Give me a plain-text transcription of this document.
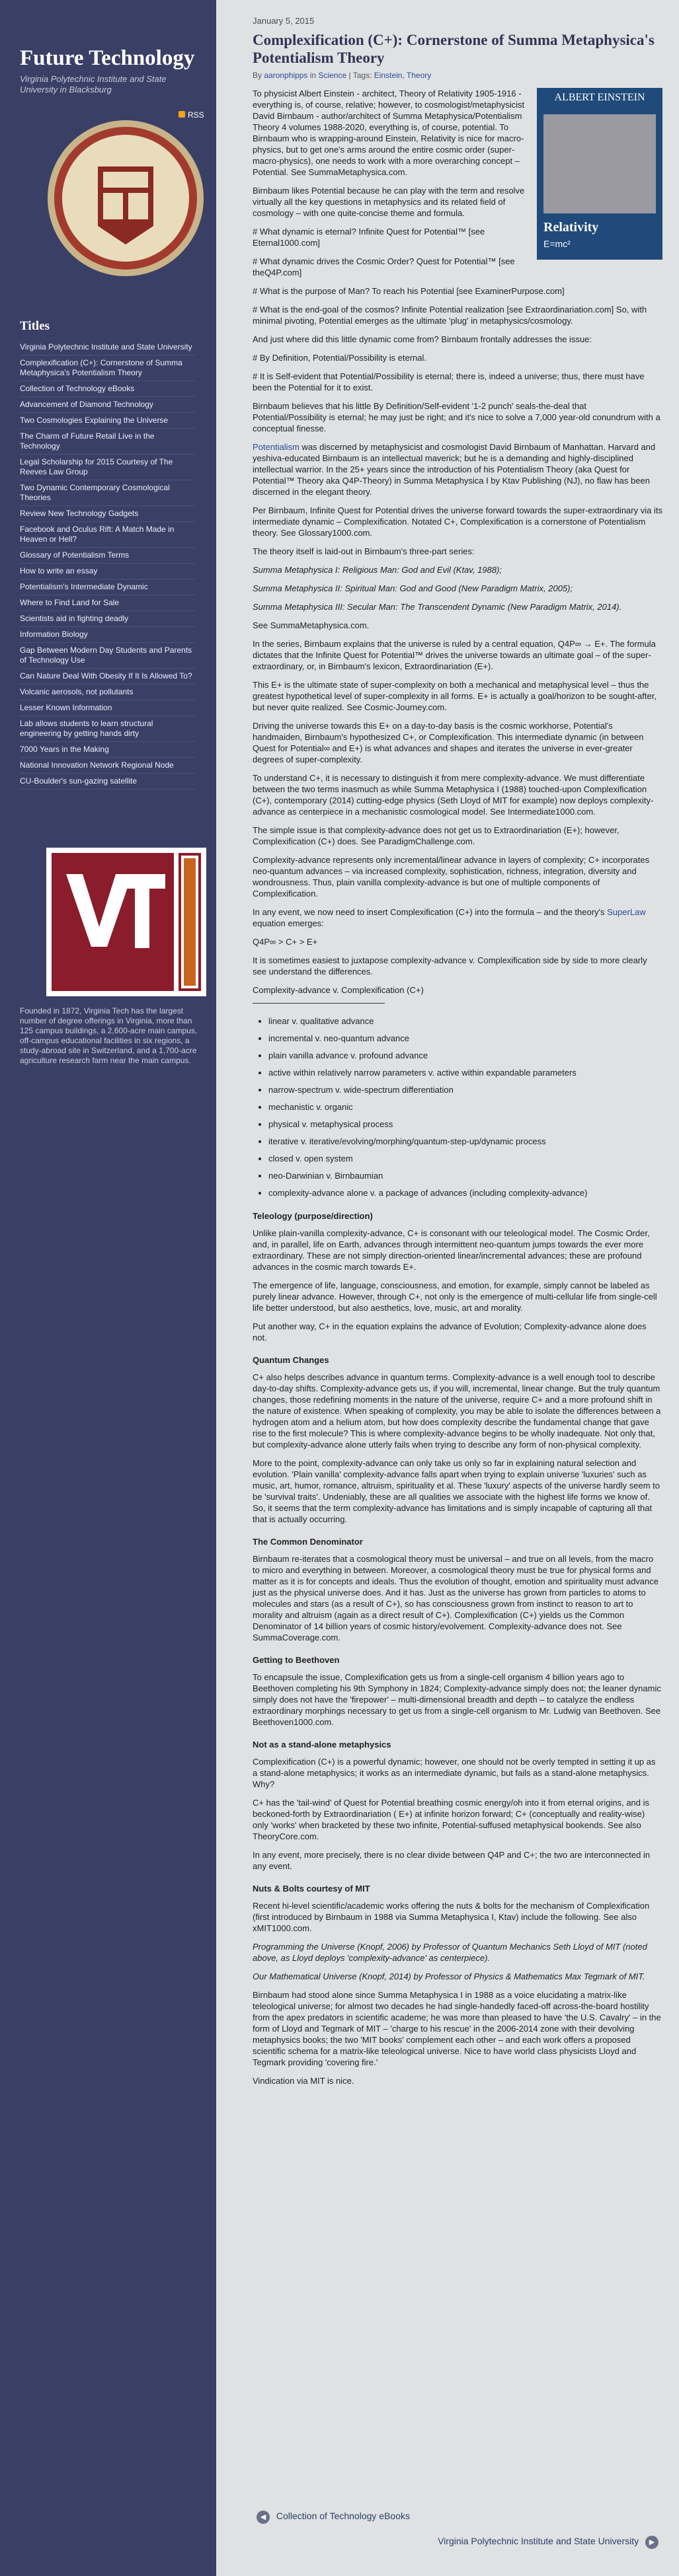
Future Technology
Virginia Polytechnic Institute and State University in Blacksburg
RSS
Titles
Virginia Polytechnic Institute and State University
Complexification (C+): Cornerstone of Summa Metaphysica's Potentialism Theory
Collection of Technology eBooks
Advancement of Diamond Technology
Two Cosmologies Explaining the Universe
The Charm of Future Retail Live in the Technology
Legal Scholarship for 2015 Courtesy of The Reeves Law Group
Two Dynamic Contemporary Cosmological Theories
Review New Technology Gadgets
Facebook and Oculus Rift: A Match Made in Heaven or Hell?
Glossary of Potentialism Terms
How to write an essay
Potentialism's Intermediate Dynamic
Where to Find Land for Sale
Scientists aid in fighting deadly
Information Biology
Gap Between Modern Day Students and Parents of Technology Use
Can Nature Deal With Obesity If It Is Allowed To?
Volcanic aerosols, not pollutants
Lesser Known Information
Lab allows students to learn structural engineering by getting hands dirty
7000 Years in the Making
National Innovation Network Regional Node
CU-Boulder's sun-gazing satellite
Founded in 1872, Virginia Tech has the largest number of degree offerings in Virginia, more than 125 campus buildings, a 2,600-acre main campus, off-campus educational facilities in six regions, a study-abroad site in Switzerland, and a 1,700-acre agriculture research farm near the main campus.
January 5, 2015
Complexification (C+): Cornerstone of Summa Metaphysica's Potentialism Theory
By aaronphipps in Science | Tags: Einstein, Theory
ALBERT EINSTEIN
Relativity
E=mc²

To physicist Albert Einstein - architect, Theory of Relativity 1905-1916 - everything is, of course, relative; however, to cosmologist/metaphysicist David Birnbaum - author/architect of Summa Metaphysica/Potentialism Theory 4 volumes 1988-2020, everything is, of course, potential. To Birnbaum who is wrapping-around Einstein, Relativity is nice for macro-physics, but to get one's arms around the entire cosmic order (super-macro-physics), one needs to work with a more overarching concept – Potential. See SummaMetaphysica.com.

Birnbaum likes Potential because he can play with the term and resolve virtually all the key questions in metaphysics and its related field of cosmology – with one quite-concise theme and formula.

# What dynamic is eternal? Infinite Quest for Potential™ [see Eternal1000.com]

# What dynamic drives the Cosmic Order? Quest for Potential™ [see theQ4P.com]

# What is the purpose of Man? To reach his Potential [see ExaminerPurpose.com]

# What is the end-goal of the cosmos? Infinite Potential realization [see Extraordinariation.com] So, with minimal pivoting, Potential emerges as the ultimate 'plug' in metaphysics/cosmology.

And just where did this little dynamic come from? Birnbaum frontally addresses the issue:

# By Definition, Potential/Possibility is eternal.

# It is Self-evident that Potential/Possibility is eternal; there is, indeed a universe; thus, there must have been the Potential for it to exist.

Birnbaum believes that his little By Definition/Self-evident '1-2 punch' seals-the-deal that Potential/Possibility is eternal; he may just be right; and it's nice to solve a 7,000 year-old conundrum with a conceptual finesse.

Potentialism was discerned by metaphysicist and cosmologist David Birnbaum of Manhattan. Harvard and yeshiva-educated Birnbaum is an intellectual maverick; but he is a demanding and highly-disciplined intellectual warrior. In the 25+ years since the introduction of his Potentialism Theory (aka Quest for Potential™ Theory aka Q4P-Theory) in Summa Metaphysica I by Ktav Publishing (NJ), no flaw has been discerned in the elegant theory.

Per Birnbaum, Infinite Quest for Potential drives the universe forward towards the super-extraordinary via its intermediate dynamic – Complexification. Notated C+, Complexification is a cornerstone of Potentialism theory. See Glossary1000.com.

The theory itself is laid-out in Birnbaum's three-part series:

Summa Metaphysica I: Religious Man: God and Evil (Ktav, 1988);

Summa Metaphysica II: Spiritual Man: God and Good (New Paradigm Matrix, 2005);

Summa Metaphysica III: Secular Man: The Transcendent Dynamic (New Paradigm Matrix, 2014).

See SummaMetaphysica.com.

In the series, Birnbaum explains that the universe is ruled by a central equation, Q4P∞ → E+. The formula dictates that the Infinite Quest for Potential™ drives the universe towards an ultimate goal – of the super-extraordinary, or, in Birnbaum's lexicon, Extraordinariation (E+).

This E+ is the ultimate state of super-complexity on both a mechanical and metaphysical level – thus the greatest hypothetical level of super-complexity in all forms. E+ is actually a goal/horizon to be sought-after, but never quite realized. See Cosmic-Journey.com.

Driving the universe towards this E+ on a day-to-day basis is the cosmic workhorse, Potential's handmaiden, Birnbaum's hypothesized C+, or Complexification. This intermediate dynamic (in between Quest for Potential∞ and E+) is what advances and shapes and iterates the universe in ever-greater degrees of super-complexity.

To understand C+, it is necessary to distinguish it from mere complexity-advance. We must differentiate between the two terms inasmuch as while Summa Metaphysica I (1988) touched-upon Complexification (C+), contemporary (2014) cutting-edge physics (Seth Lloyd of MIT for example) now deploys complexity-advance as centerpiece in a mechanistic cosmological model. See Intermediate1000.com.

The simple issue is that complexity-advance does not get us to Extraordinariation (E+); however, Complexification (C+) does. See ParadigmChallenge.com.

Complexity-advance represents only incremental/linear advance in layers of complexity; C+ incorporates neo-quantum advances – via increased complexity, sophistication, richness, integration, diversity and wondrousness. Thus, plain vanilla complexity-advance is but one of multiple components of Complexification.

In any event, we now need to insert Complexification (C+) into the formula – and the theory's SuperLaw equation emerges:

Q4P∞ > C+ > E+

It is sometimes easiest to juxtapose complexity-advance v. Complexification side by side to more clearly see understand the differences.

Complexity-advance v. Complexification (C+)

• linear v. qualitative advance
• incremental v. neo-quantum advance
• plain vanilla advance v. profound advance
• active within relatively narrow parameters v. active within expandable parameters
• narrow-spectrum v. wide-spectrum differentiation
• mechanistic v. organic
• physical v. metaphysical process
• iterative v. iterative/evolving/morphing/quantum-step-up/dynamic process
• closed v. open system
• neo-Darwinian v. Birnbaumian
• complexity-advance alone v. a package of advances (including complexity-advance)
Teleology (purpose/direction)

Unlike plain-vanilla complexity-advance, C+ is consonant with our teleological model. The Cosmic Order, and, in parallel, life on Earth, advances through intermittent neo-quantum jumps towards the ever more extraordinary. These are not simply direction-oriented linear/incremental advances; these are profound advances in the cosmic march towards E+.

The emergence of life, language, consciousness, and emotion, for example, simply cannot be labeled as purely linear advance. However, through C+, not only is the emergence of multi-cellular life from single-cell life better understood, but also aesthetics, love, music, art and morality.

Put another way, C+ in the equation explains the advance of Evolution; Complexity-advance alone does not.

Quantum Changes

C+ also helps describes advance in quantum terms. Complexity-advance is a well enough tool to describe day-to-day shifts. Complexity-advance gets us, if you will, incremental, linear change. But the truly quantum changes, those redefining moments in the nature of the universe, require C+ and a more profound shift in the nature of existence. When speaking of complexity, you may be able to isolate the differences between a hydrogen atom and a helium atom, but how does complexity describe the fundamental change that gave rise to the first molecule? This is where complexity-advance begins to be wholly inadequate. Not only that, but complexity-advance alone utterly fails when trying to describe any form of non-physical complexity.

More to the point, complexity-advance can only take us only so far in explaining natural selection and evolution. 'Plain vanilla' complexity-advance falls apart when trying to explain universe 'luxuries' such as music, art, humor, romance, altruism, spirituality et al. These 'luxury' aspects of the universe hardly seem to be 'survival traits'. Undeniably, these are all qualities we associate with the highest life forms we know of. So, it seems that the term complexity-advance has limitations and is simply incapable of capturing all that that is actually occurring.

The Common Denominator

Birnbaum re-iterates that a cosmological theory must be universal – and true on all levels, from the macro to micro and everything in between. Moreover, a cosmological theory must be true for physical forms and matter as it is for concepts and ideals. Thus the evolution of thought, emotion and spirituality must advance just as the physical universe does. And it has. Just as the universe has grown from particles to atoms to molecules and stars (as a result of C+), so has consciousness grown from instinct to reason to art to morality and altruism (again as a direct result of C+). Complexification (C+) yields us the Common Denominator of 14 billion years of cosmic history/evolvement. Complexity-advance does not. See SummaCoverage.com.

Getting to Beethoven

To encapsule the issue, Complexification gets us from a single-cell organism 4 billion years ago to Beethoven completing his 9th Symphony in 1824; Complexity-advance simply does not; the leaner dynamic simply does not have the 'firepower' – multi-dimensional breadth and depth – to catalyze the endless extraordinary morphings necessary to get us from a single-cell organism to Mr. Ludwig van Beethoven. See Beethoven1000.com.

Not as a stand-alone metaphysics

Complexification (C+) is a powerful dynamic; however, one should not be overly tempted in setting it up as a stand-alone metaphysics; it works as an intermediate dynamic, but fails as a stand-alone metaphysics. Why?

C+ has the 'tail-wind' of Quest for Potential breathing cosmic energy/oh into it from eternal origins, and is beckoned-forth by Extraordinariation ( E+) at infinite horizon forward; C+ (conceptually and reality-wise) only 'works' when bracketed by these two infinite, Potential-suffused metaphysical bookends. See also TheoryCore.com.

In any event, more precisely, there is no clear divide between Q4P and C+; the two are interconnected in any event.

Nuts & Bolts courtesy of MIT

Recent hi-level scientific/academic works offering the nuts & bolts for the mechanism of Complexification (first introduced by Birnbaum in 1988 via Summa Metaphysica I, Ktav) include the following. See also xMIT1000.com.

Programming the Universe (Knopf, 2006) by Professor of Quantum Mechanics Seth Lloyd of MIT (noted above, as Lloyd deploys 'complexity-advance' as centerpiece).

Our Mathematical Universe (Knopf, 2014) by Professor of Physics & Mathematics Max Tegmark of MIT.

Birnbaum had stood alone since Summa Metaphysica I in 1988 as a voice elucidating a matrix-like teleological universe; for almost two decades he had single-handedly faced-off across-the-board hostility from the apex predators in scientific academe; he was more than pleased to have 'the U.S. Cavalry' – in the form of Lloyd and Tegmark of MIT – 'charge to his rescue' in the 2006-2014 zone with their devolving metaphysics books; the two 'MIT books' complement each other – and each work offers a proposed scientific schema for a matrix-like teleological universe. Nice to have world class physicists Lloyd and Tegmark providing 'covering fire.'

Vindication via MIT is nice.

◀ Collection of Technology eBooks
Virginia Polytechnic Institute and State University ▶
